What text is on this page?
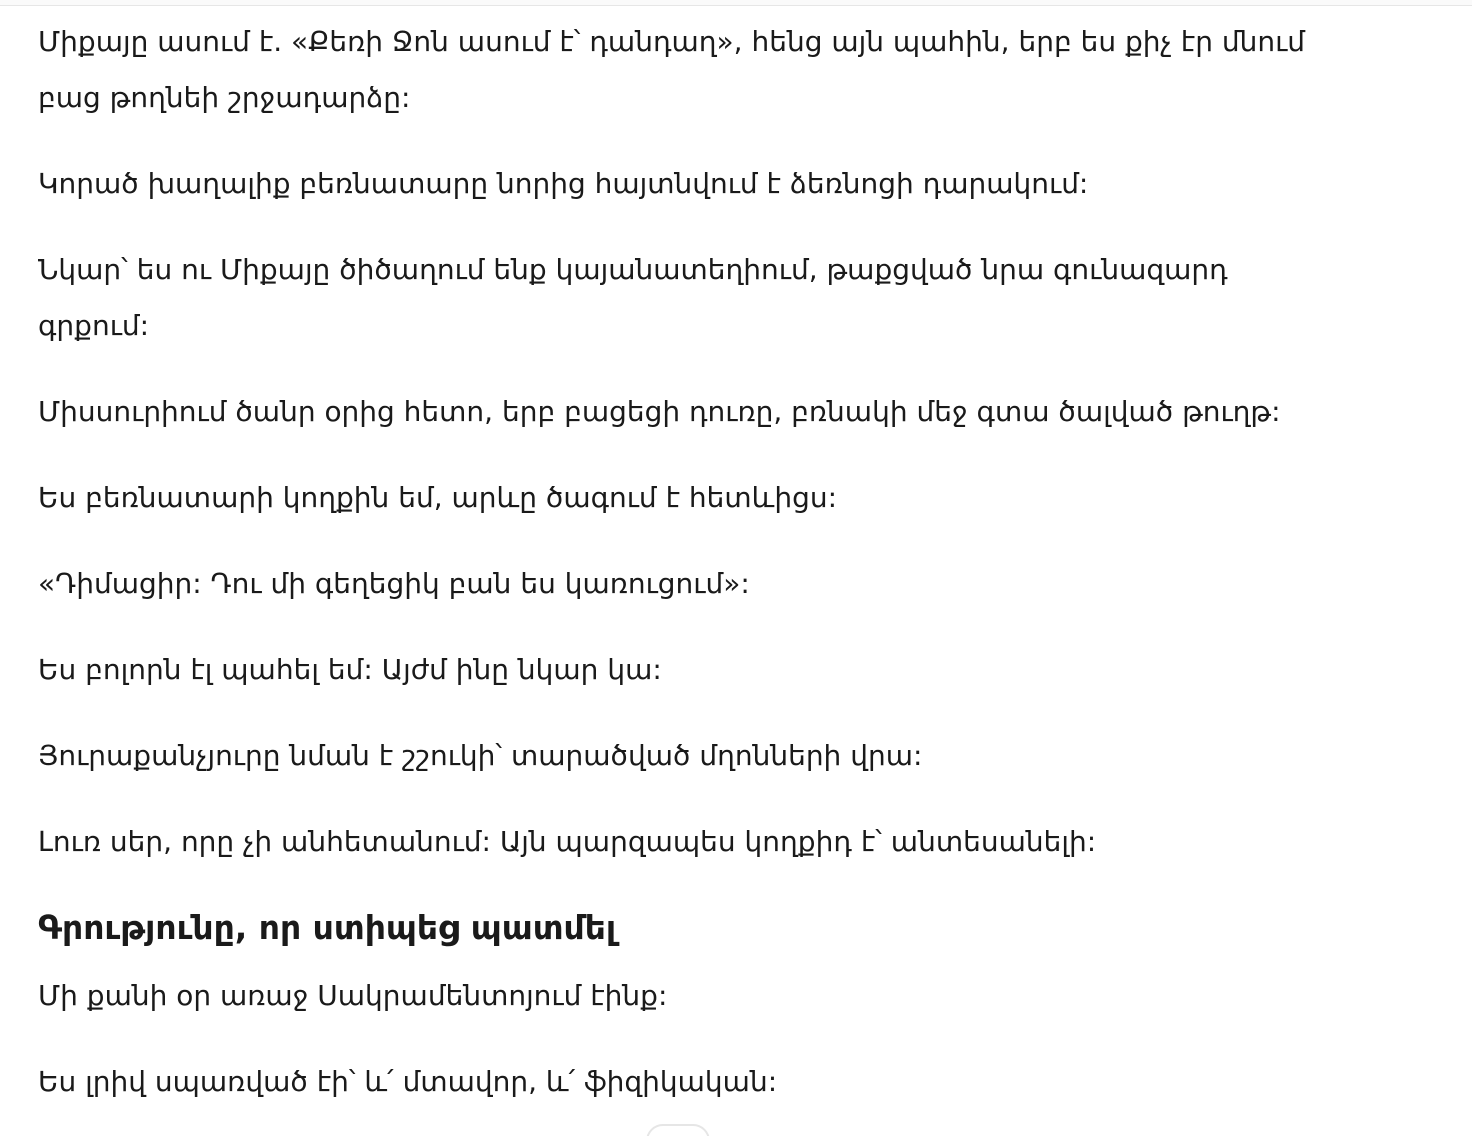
Միքայը ասում է. «Քեռի Ջոն ասում է՝ դանդաղ», հենց այն պահին, երբ ես քիչ էր մնում բաց թողնեի շրջադարձը:

Կորած խաղալիք բեռնատարը նորից հայտնվում է ձեռնոցի դարակում:

Նկար՝ ես ու Միքայը ծիծաղում ենք կայանատեղիում, թաքցված նրա գունազարդ գրքում:

Միսսուրիում ծանր օրից հետո, երբ բացեցի դուռը, բռնակի մեջ գտա ծալված թուղթ:

Ես բեռնատարի կողքին եմ, արևը ծագում է հետևիցս:

«Դիմացիր: Դու մի գեղեցիկ բան ես կառուցում»:

Ես բոլորն էլ պահել եմ: Այժմ ինը նկար կա:

Յուրաքանչյուրը նման է շշուկի՝ տարածված մղոնների վրա:

Լուռ սեր, որը չի անհետանում: Այն պարզապես կողքիդ է՝ անտեսանելի:

Գրությունը, որ ստիպեց պատմել

Մի քանի օր առաջ Սակրամենտոյում էինք:

Ես լրիվ սպառված էի՝ և՛ մտավոր, և՛ ֆիզիկական:
